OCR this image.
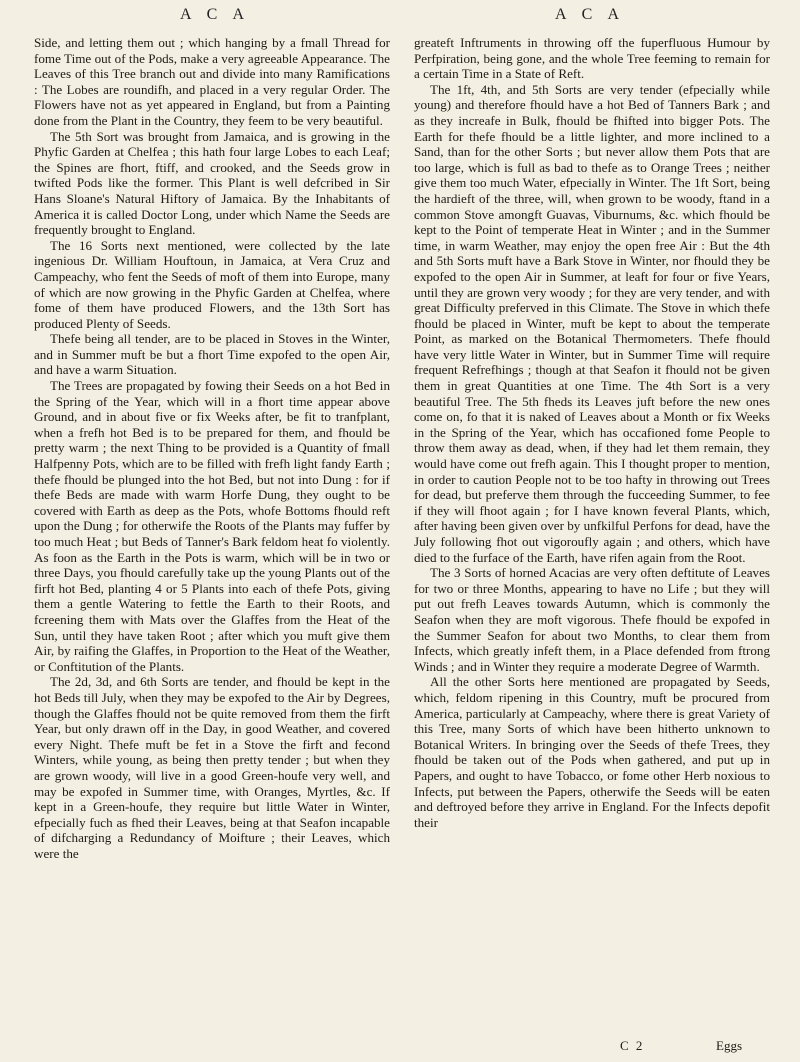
A C A	A C A

Side, and letting them out ; which hanging by a fmall Thread for fome Time out of the Pods, make a very agreeable Appearance. The Leaves of this Tree branch out and divide into many Ramifications : The Lobes are roundifh, and placed in a very regular Order. The Flowers have not as yet appeared in England, but from a Painting done from the Plant in the Country, they feem to be very beautiful.

The 5th Sort was brought from Jamaica, and is growing in the Phyfic Garden at Chelfea ; this hath four large Lobes to each Leaf; the Spines are fhort, ftiff, and crooked, and the Seeds grow in twifted Pods like the former. This Plant is well defcribed in Sir Hans Sloane's Natural Hiftory of Jamaica. By the Inhabitants of America it is called Doctor Long, under which Name the Seeds are frequently brought to England.

The 16 Sorts next mentioned, were collected by the late ingenious Dr. William Houftoun, in Jamaica, at Vera Cruz and Campeachy, who fent the Seeds of moft of them into Europe, many of which are now growing in the Phyfic Garden at Chelfea, where fome of them have produced Flowers, and the 13th Sort has produced Plenty of Seeds.

Thefe being all tender, are to be placed in Stoves in the Winter, and in Summer muft be but a fhort Time expofed to the open Air, and have a warm Situation.

The Trees are propagated by fowing their Seeds on a hot Bed in the Spring of the Year, which will in a fhort time appear above Ground, and in about five or fix Weeks after, be fit to tranfplant, when a frefh hot Bed is to be prepared for them, and fhould be pretty warm ; the next Thing to be provided is a Quantity of fmall Halfpenny Pots, which are to be filled with frefh light fandy Earth ; thefe fhould be plunged into the hot Bed, but not into Dung : for if thefe Beds are made with warm Horfe Dung, they ought to be covered with Earth as deep as the Pots, whofe Bottoms fhould reft upon the Dung ; for otherwife the Roots of the Plants may fuffer by too much Heat ; but Beds of Tanner's Bark feldom heat fo violently. As foon as the Earth in the Pots is warm, which will be in two or three Days, you fhould carefully take up the young Plants out of the firft hot Bed, planting 4 or 5 Plants into each of thefe Pots, giving them a gentle Watering to fettle the Earth to their Roots, and fcreening them with Mats over the Glaffes from the Heat of the Sun, until they have taken Root ; after which you muft give them Air, by raifing the Glaffes, in Proportion to the Heat of the Weather, or Conftitution of the Plants.

The 2d, 3d, and 6th Sorts are tender, and fhould be kept in the hot Beds till July, when they may be expofed to the Air by Degrees, though the Glaffes fhould not be quite removed from them the firft Year, but only drawn off in the Day, in good Weather, and covered every Night. Thefe muft be fet in a Stove the firft and fecond Winters, while young, as being then pretty tender ; but when they are grown woody, will live in a good Green-houfe very well, and may be expofed in Summer time, with Oranges, Myrtles, &c. If kept in a Green-houfe, they require but little Water in Winter, efpecially fuch as fhed their Leaves, being at that Seafon incapable of difcharging a Redundancy of Moifture ; their Leaves, which were the

greateft Inftruments in throwing off the fuperfluous Humour by Perfpiration, being gone, and the whole Tree feeming to remain for a certain Time in a State of Reft.

The 1ft, 4th, and 5th Sorts are very tender (efpecially while young) and therefore fhould have a hot Bed of Tanners Bark ; and as they increafe in Bulk, fhould be fhifted into bigger Pots. The Earth for thefe fhould be a little lighter, and more inclined to a Sand, than for the other Sorts ; but never allow them Pots that are too large, which is full as bad to thefe as to Orange Trees ; neither give them too much Water, efpecially in Winter. The 1ft Sort, being the hardieft of the three, will, when grown to be woody, ftand in a common Stove amongft Guavas, Viburnums, &c. which fhould be kept to the Point of temperate Heat in Winter ; and in the Summer time, in warm Weather, may enjoy the open free Air : But the 4th and 5th Sorts muft have a Bark Stove in Winter, nor fhould they be expofed to the open Air in Summer, at leaft for four or five Years, until they are grown very woody ; for they are very tender, and with great Difficulty preferved in this Climate. The Stove in which thefe fhould be placed in Winter, muft be kept to about the temperate Point, as marked on the Botanical Thermometers. Thefe fhould have very little Water in Winter, but in Summer Time will require frequent Refrefhings ; though at that Seafon it fhould not be given them in great Quantities at one Time. The 4th Sort is a very beautiful Tree. The 5th fheds its Leaves juft before the new ones come on, fo that it is naked of Leaves about a Month or fix Weeks in the Spring of the Year, which has occafioned fome People to throw them away as dead, when, if they had let them remain, they would have come out frefh again. This I thought proper to mention, in order to caution People not to be too hafty in throwing out Trees for dead, but preferve them through the fucceeding Summer, to fee if they will fhoot again ; for I have known feveral Plants, which, after having been given over by unfkilful Perfons for dead, have the July following fhot out vigoroufly again ; and others, which have died to the furface of the Earth, have rifen again from the Root.

The 3 Sorts of horned Acacias are very often deftitute of Leaves for two or three Months, appearing to have no Life ; but they will put out frefh Leaves towards Autumn, which is commonly the Seafon when they are moft vigorous. Thefe fhould be expofed in the Summer Seafon for about two Months, to clear them from Infects, which greatly infeft them, in a Place defended from ftrong Winds ; and in Winter they require a moderate Degree of Warmth.

All the other Sorts here mentioned are propagated by Seeds, which, feldom ripening in this Country, muft be procured from America, particularly at Campeachy, where there is great Variety of this Tree, many Sorts of which have been hitherto unknown to Botanical Writers. In bringing over the Seeds of thefe Trees, they fhould be taken out of the Pods when gathered, and put up in Papers, and ought to have Tobacco, or fome other Herb noxious to Infects, put between the Papers, otherwife the Seeds will be eaten and deftroyed before they arrive in England. For the Infects depofit their

C 2	Eggs
